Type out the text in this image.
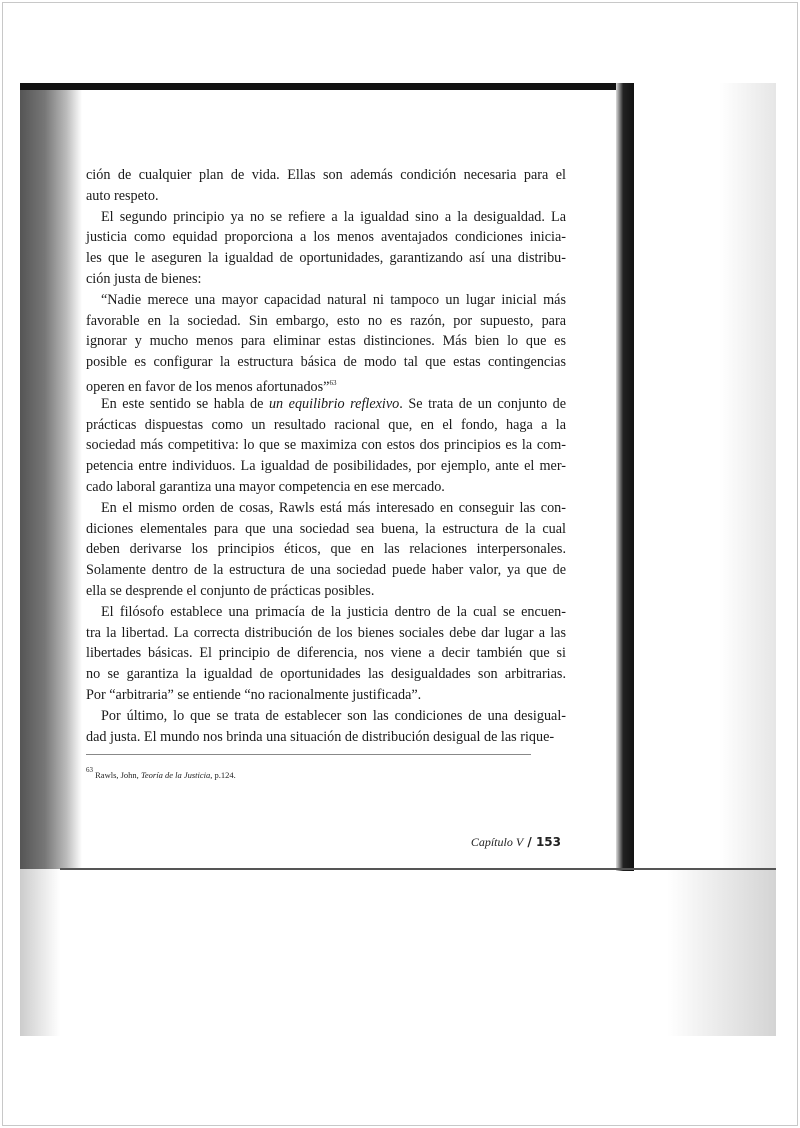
ción de cualquier plan de vida. Ellas son además condición necesaria para el
auto respeto.
El segundo principio ya no se refiere a la igualdad sino a la desigualdad. La
justicia como equidad proporciona a los menos aventajados condiciones inicia-
les que le aseguren la igualdad de oportunidades, garantizando así una distribu-
ción justa de bienes:
“Nadie merece una mayor capacidad natural ni tampoco un lugar inicial más
favorable en la sociedad. Sin embargo, esto no es razón, por supuesto, para
ignorar y mucho menos para eliminar estas distinciones. Más bien lo que es
posible es configurar la estructura básica de modo tal que estas contingencias
operen en favor de los menos afortunados”$^{63}$
En este sentido se habla de un equilibrio reflexivo. Se trata de un conjunto de
prácticas dispuestas como un resultado racional que, en el fondo, haga a la
sociedad más competitiva: lo que se maximiza con estos dos principios es la com-
petencia entre individuos. La igualdad de posibilidades, por ejemplo, ante el mer-
cado laboral garantiza una mayor competencia en ese mercado.
En el mismo orden de cosas, Rawls está más interesado en conseguir las con-
diciones elementales para que una sociedad sea buena, la estructura de la cual
deben derivarse los principios éticos, que en las relaciones interpersonales.
Solamente dentro de la estructura de una sociedad puede haber valor, ya que de
ella se desprende el conjunto de prácticas posibles.
El filósofo establece una primacía de la justicia dentro de la cual se encuen-
tra la libertad. La correcta distribución de los bienes sociales debe dar lugar a las
libertades básicas. El principio de diferencia, nos viene a decir también que si
no se garantiza la igualdad de oportunidades las desigualdades son arbitrarias.
Por “arbitraria” se entiende “no racionalmente justificada”.
Por último, lo que se trata de establecer son las condiciones de una desigual-
dad justa. El mundo nos brinda una situación de distribución desigual de las rique-
$^{63}$ Rawls, John, Teoría de la Justicia, p.124.
Capítulo V / 153
